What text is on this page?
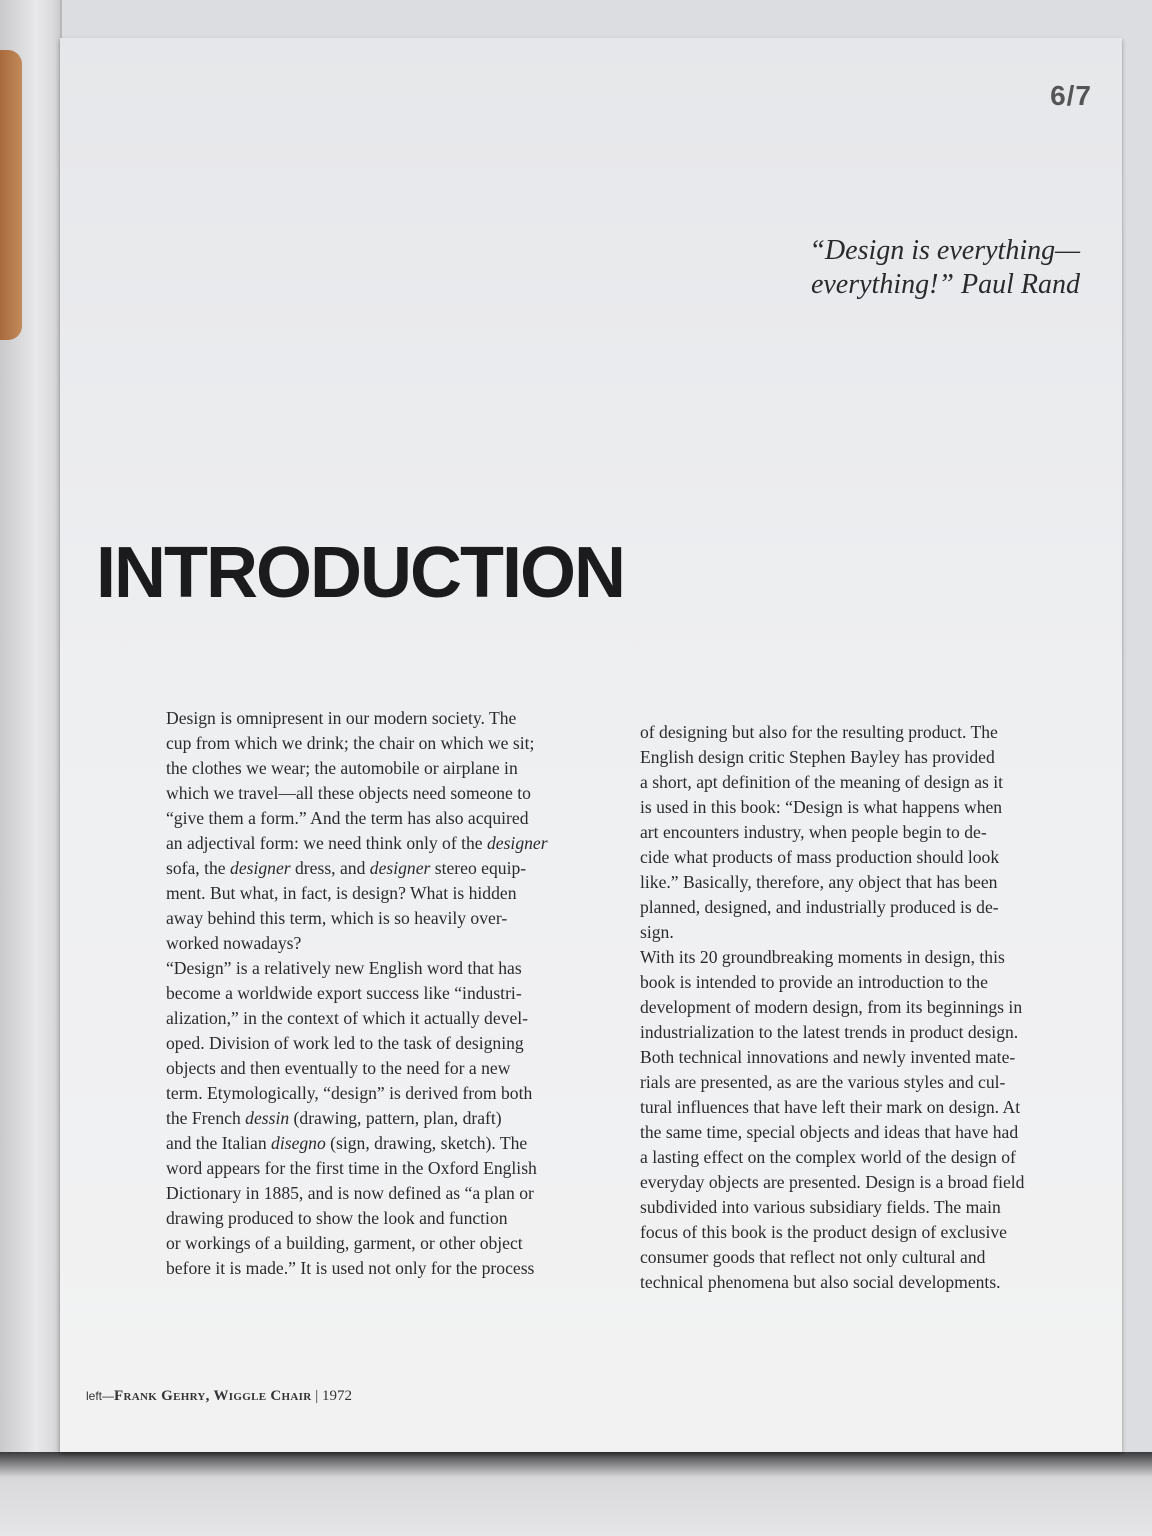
6/7
“Design is everything—
everything!” Paul Rand
INTRODUCTION
Design is omnipresent in our modern society. The
cup from which we drink; the chair on which we sit;
the clothes we wear; the automobile or airplane in
which we travel—all these objects need someone to
“give them a form.” And the term has also acquired
an adjectival form: we need think only of the designer
sofa, the designer dress, and designer stereo equip-
ment. But what, in fact, is design? What is hidden
away behind this term, which is so heavily over-
worked nowadays?
“Design” is a relatively new English word that has
become a worldwide export success like “industri-
alization,” in the context of which it actually devel-
oped. Division of work led to the task of designing
objects and then eventually to the need for a new
term. Etymologically, “design” is derived from both
the French dessin (drawing, pattern, plan, draft)
and the Italian disegno (sign, drawing, sketch). The
word appears for the first time in the Oxford English
Dictionary in 1885, and is now defined as “a plan or
drawing produced to show the look and function
or workings of a building, garment, or other object
before it is made.” It is used not only for the process
of designing but also for the resulting product. The
English design critic Stephen Bayley has provided
a short, apt definition of the meaning of design as it
is used in this book: “Design is what happens when
art encounters industry, when people begin to de-
cide what products of mass production should look
like.” Basically, therefore, any object that has been
planned, designed, and industrially produced is de-
sign.
With its 20 groundbreaking moments in design, this
book is intended to provide an introduction to the
development of modern design, from its beginnings in
industrialization to the latest trends in product design.
Both technical innovations and newly invented mate-
rials are presented, as are the various styles and cul-
tural influences that have left their mark on design. At
the same time, special objects and ideas that have had
a lasting effect on the complex world of the design of
everyday objects are presented. Design is a broad field
subdivided into various subsidiary fields. The main
focus of this book is the product design of exclusive
consumer goods that reflect not only cultural and
technical phenomena but also social developments.
left—Frank Gehry, Wiggle Chair | 1972
